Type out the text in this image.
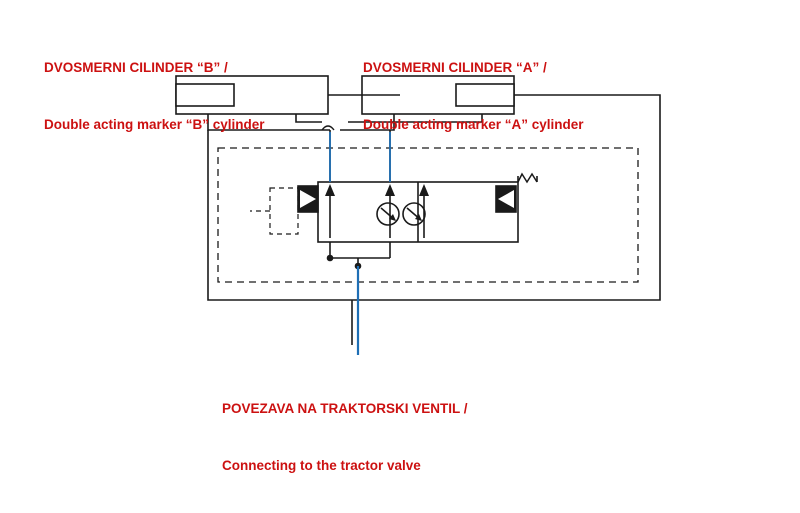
DVOSMERNI CILINDER “B” /

Double acting marker “B” cylinder

DVOSMERNI CILINDER “A” /

Double acting marker “A” cylinder

POVEZAVA NA TRAKTORSKI VENTIL /

Connecting to the tractor valve
